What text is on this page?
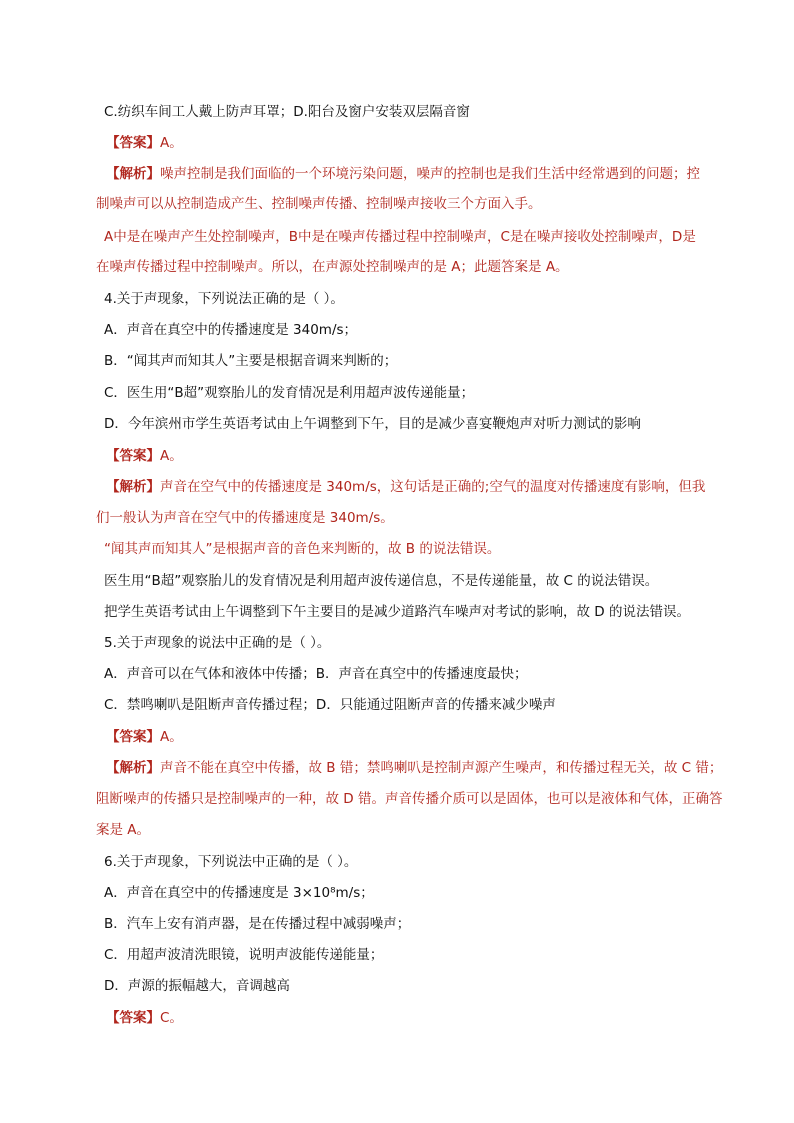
C.纺织车间工人戴上防声耳罩；D.阳台及窗户安装双层隔音窗
【答案】A。
【解析】噪声控制是我们面临的一个环境污染问题，噪声的控制也是我们生活中经常遇到的问题；控
制噪声可以从控制造成产生、控制噪声传播、控制噪声接收三个方面入手。
A中是在噪声产生处控制噪声，B中是在噪声传播过程中控制噪声，C是在噪声接收处控制噪声，D是
在噪声传播过程中控制噪声。所以，在声源处控制噪声的是 A；此题答案是 A。
4.关于声现象，下列说法正确的是（ ）。
A．声音在真空中的传播速度是 340m/s；
B．“闻其声而知其人”主要是根据音调来判断的；
C．医生用“B超”观察胎儿的发育情况是利用超声波传递能量；
D．今年滨州市学生英语考试由上午调整到下午，目的是减少喜宴鞭炮声对听力测试的影响
【答案】A。
【解析】声音在空气中的传播速度是 340m/s，这句话是正确的;空气的温度对传播速度有影响，但我
们一般认为声音在空气中的传播速度是 340m/s。
“闻其声而知其人”是根据声音的音色来判断的，故 B 的说法错误。
医生用“B超”观察胎儿的发育情况是利用超声波传递信息，不是传递能量，故 C 的说法错误。
把学生英语考试由上午调整到下午主要目的是减少道路汽车噪声对考试的影响，故 D 的说法错误。
5.关于声现象的说法中正确的是（ ）。
A．声音可以在气体和液体中传播；B．声音在真空中的传播速度最快；
C．禁鸣喇叭是阻断声音传播过程；D．只能通过阻断声音的传播来减少噪声
【答案】A。
【解析】声音不能在真空中传播，故 B 错；禁鸣喇叭是控制声源产生噪声，和传播过程无关，故 C 错；
阻断噪声的传播只是控制噪声的一种，故 D 错。声音传播介质可以是固体，也可以是液体和气体，正确答
案是 A。
6.关于声现象，下列说法中正确的是（ ）。
A．声音在真空中的传播速度是 3×10⁸m/s；
B．汽车上安有消声器，是在传播过程中减弱噪声；
C．用超声波清洗眼镜，说明声波能传递能量；
D．声源的振幅越大，音调越高
【答案】C。
